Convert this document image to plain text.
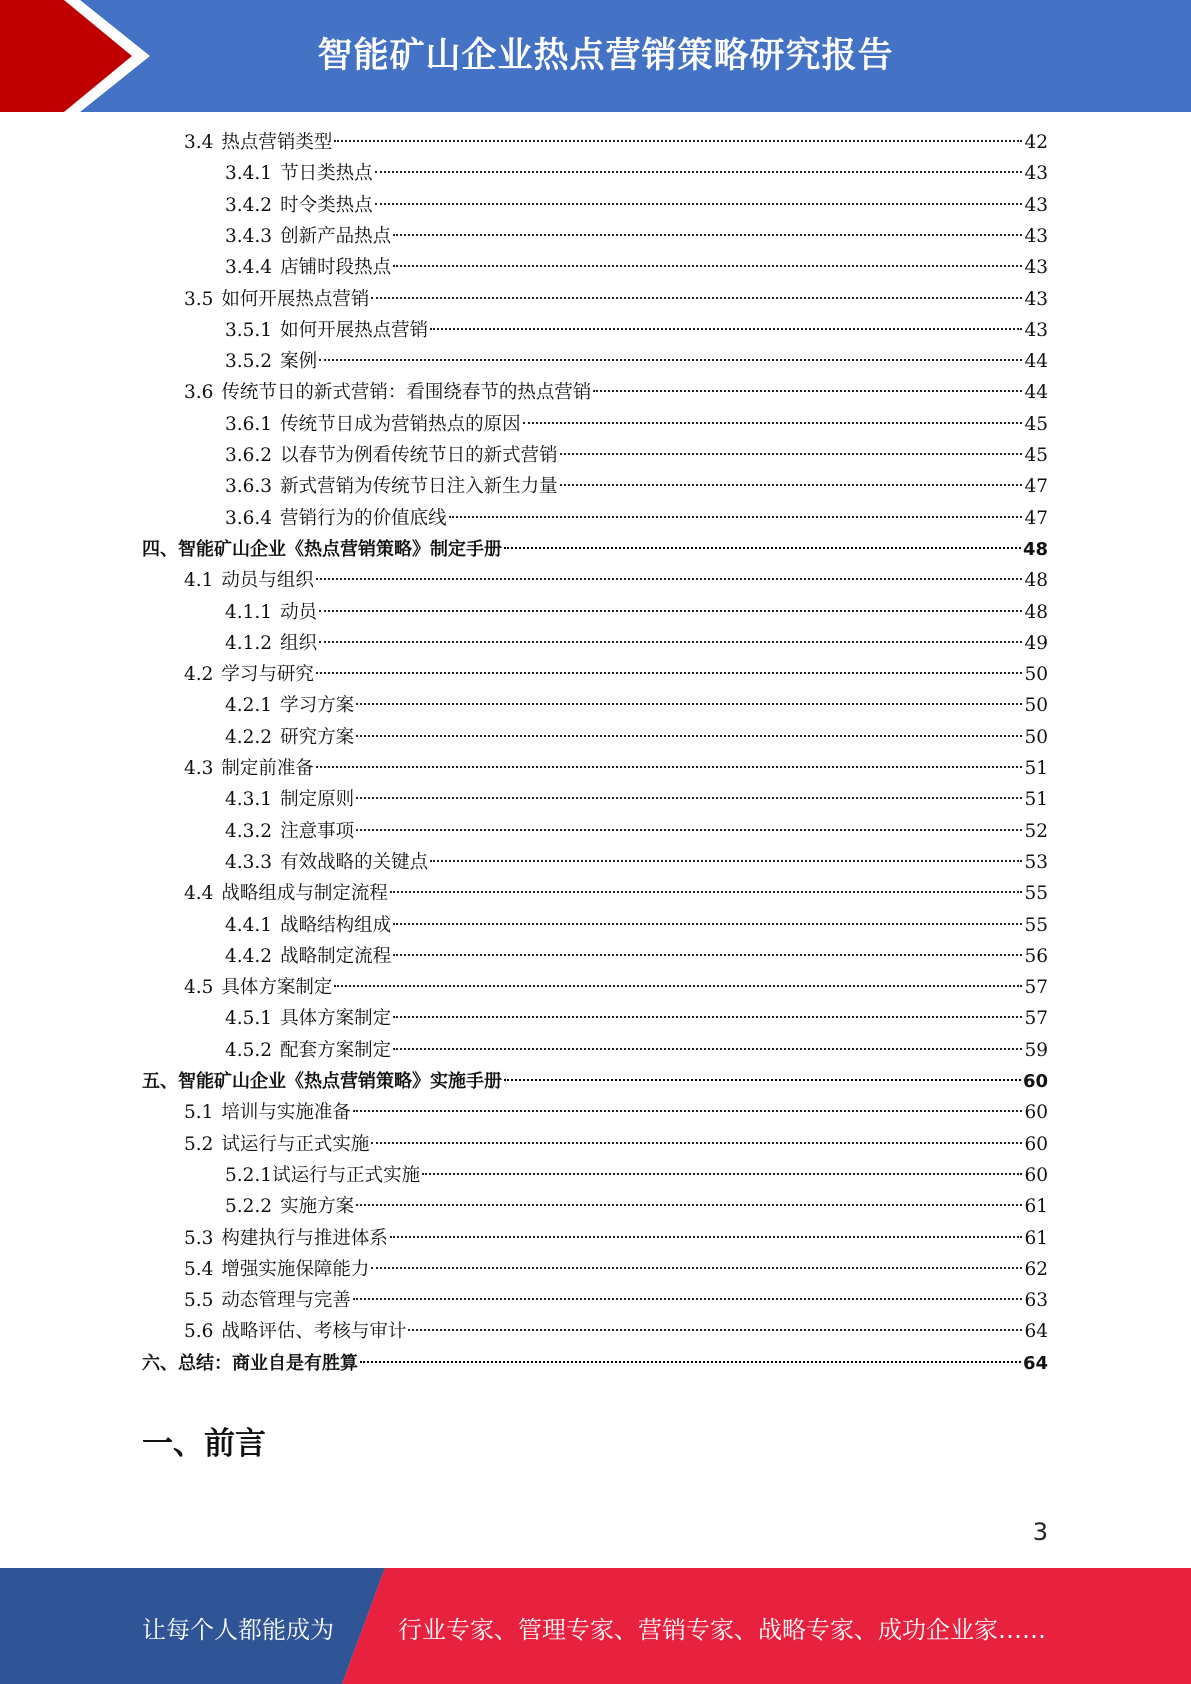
智能矿山企业热点营销策略研究报告
3.4 热点营销类型	42
3.4.1 节日类热点	43
3.4.2 时令类热点	43
3.4.3 创新产品热点	43
3.4.4 店铺时段热点	43
3.5 如何开展热点营销	43
3.5.1 如何开展热点营销	43
3.5.2 案例	44
3.6 传统节日的新式营销：看围绕春节的热点营销	44
3.6.1 传统节日成为营销热点的原因	45
3.6.2 以春节为例看传统节日的新式营销	45
3.6.3 新式营销为传统节日注入新生力量	47
3.6.4 营销行为的价值底线	47
四、智能矿山企业《热点营销策略》制定手册	48
4.1 动员与组织	48
4.1.1 动员	48
4.1.2 组织	49
4.2 学习与研究	50
4.2.1 学习方案	50
4.2.2 研究方案	50
4.3 制定前准备	51
4.3.1 制定原则	51
4.3.2 注意事项	52
4.3.3 有效战略的关键点	53
4.4 战略组成与制定流程	55
4.4.1 战略结构组成	55
4.4.2 战略制定流程	56
4.5 具体方案制定	57
4.5.1 具体方案制定	57
4.5.2 配套方案制定	59
五、智能矿山企业《热点营销策略》实施手册	60
5.1 培训与实施准备	60
5.2 试运行与正式实施	60
5.2.1 试运行与正式实施	60
5.2.2 实施方案	61
5.3 构建执行与推进体系	61
5.4 增强实施保障能力	62
5.5 动态管理与完善	63
5.6 战略评估、考核与审计	64
六、总结：商业自是有胜算	64
一、前言
3
让每个人都能成为	行业专家、管理专家、营销专家、战略专家、成功企业家……
